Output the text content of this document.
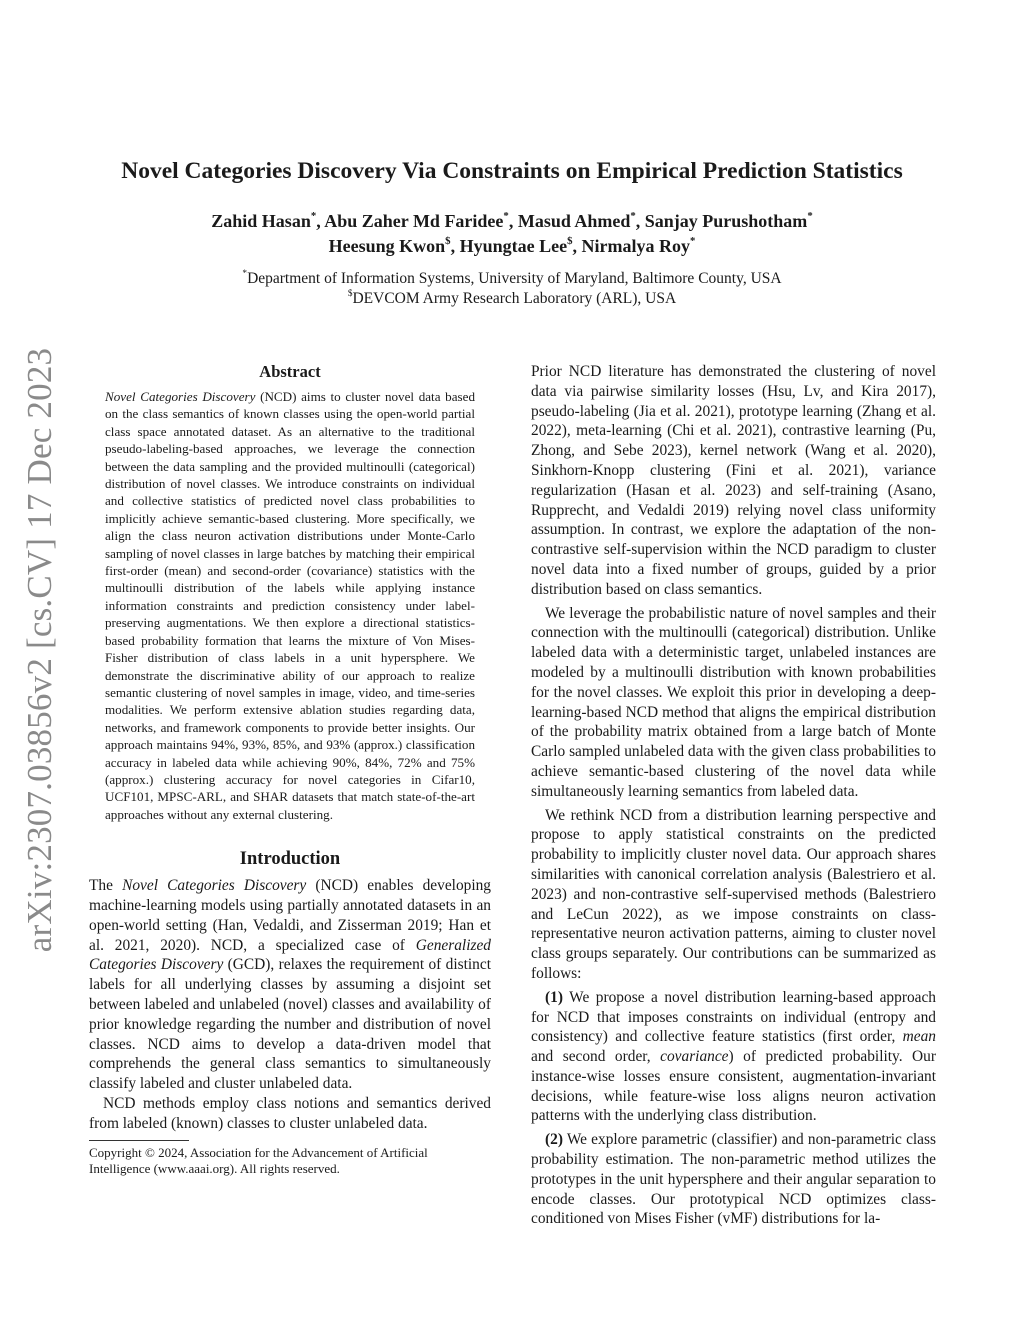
arXiv:2307.03856v2 [cs.CV] 17 Dec 2023
Novel Categories Discovery Via Constraints on Empirical Prediction Statistics
Zahid Hasan*, Abu Zaher Md Faridee*, Masud Ahmed*, Sanjay Purushotham*
Heesung Kwon$, Hyungtae Lee$, Nirmalya Roy*
*Department of Information Systems, University of Maryland, Baltimore County, USA
$DEVCOM Army Research Laboratory (ARL), USA
Abstract

Novel Categories Discovery (NCD) aims to cluster novel data based on the class semantics of known classes using the open-world partial class space annotated dataset. As an alternative to the traditional pseudo-labeling-based approaches, we leverage the connection between the data sampling and the provided multinoulli (categorical) distribution of novel classes. We introduce constraints on individual and collective statistics of predicted novel class probabilities to implicitly achieve semantic-based clustering. More specifically, we align the class neuron activation distributions under Monte-Carlo sampling of novel classes in large batches by matching their empirical first-order (mean) and second-order (covariance) statistics with the multinoulli distribution of the labels while applying instance information constraints and prediction consistency under label-preserving augmentations. We then explore a directional statistics-based probability formation that learns the mixture of Von Mises-Fisher distribution of class labels in a unit hypersphere. We demonstrate the discriminative ability of our approach to realize semantic clustering of novel samples in image, video, and time-series modalities. We perform extensive ablation studies regarding data, networks, and framework components to provide better insights. Our approach maintains 94%, 93%, 85%, and 93% (approx.) classification accuracy in labeled data while achieving 90%, 84%, 72% and 75% (approx.) clustering accuracy for novel categories in Cifar10, UCF101, MPSC-ARL, and SHAR datasets that match state-of-the-art approaches without any external clustering.

Introduction

The Novel Categories Discovery (NCD) enables developing machine-learning models using partially annotated datasets in an open-world setting (Han, Vedaldi, and Zisserman 2019; Han et al. 2021, 2020). NCD, a specialized case of Generalized Categories Discovery (GCD), relaxes the requirement of distinct labels for all underlying classes by assuming a disjoint set between labeled and unlabeled (novel) classes and availability of prior knowledge regarding the number and distribution of novel classes. NCD aims to develop a data-driven model that comprehends the general class semantics to simultaneously classify labeled and cluster unlabeled data.

NCD methods employ class notions and semantics derived from labeled (known) classes to cluster unlabeled data.

Copyright © 2024, Association for the Advancement of Artificial Intelligence (www.aaai.org). All rights reserved.

Prior NCD literature has demonstrated the clustering of novel data via pairwise similarity losses (Hsu, Lv, and Kira 2017), pseudo-labeling (Jia et al. 2021), prototype learning (Zhang et al. 2022), meta-learning (Chi et al. 2021), contrastive learning (Pu, Zhong, and Sebe 2023), kernel network (Wang et al. 2020), Sinkhorn-Knopp clustering (Fini et al. 2021), variance regularization (Hasan et al. 2023) and self-training (Asano, Rupprecht, and Vedaldi 2019) relying novel class uniformity assumption. In contrast, we explore the adaptation of the non-contrastive self-supervision within the NCD paradigm to cluster novel data into a fixed number of groups, guided by a prior distribution based on class semantics.

We leverage the probabilistic nature of novel samples and their connection with the multinoulli (categorical) distribution. Unlike labeled data with a deterministic target, unlabeled instances are modeled by a multinoulli distribution with known probabilities for the novel classes. We exploit this prior in developing a deep-learning-based NCD method that aligns the empirical distribution of the probability matrix obtained from a large batch of Monte Carlo sampled unlabeled data with the given class probabilities to achieve semantic-based clustering of the novel data while simultaneously learning semantics from labeled data.

We rethink NCD from a distribution learning perspective and propose to apply statistical constraints on the predicted probability to implicitly cluster novel data. Our approach shares similarities with canonical correlation analysis (Balestriero et al. 2023) and non-contrastive self-supervised methods (Balestriero and LeCun 2022), as we impose constraints on class-representative neuron activation patterns, aiming to cluster novel class groups separately. Our contributions can be summarized as follows:

(1) We propose a novel distribution learning-based approach for NCD that imposes constraints on individual (entropy and consistency) and collective feature statistics (first order, mean and second order, covariance) of predicted probability. Our instance-wise losses ensure consistent, augmentation-invariant decisions, while feature-wise loss aligns neuron activation patterns with the underlying class distribution.

(2) We explore parametric (classifier) and non-parametric class probability estimation. The non-parametric method utilizes the prototypes in the unit hypersphere and their angular separation to encode classes. Our prototypical NCD optimizes class-conditioned von Mises Fisher (vMF) distributions for la-
